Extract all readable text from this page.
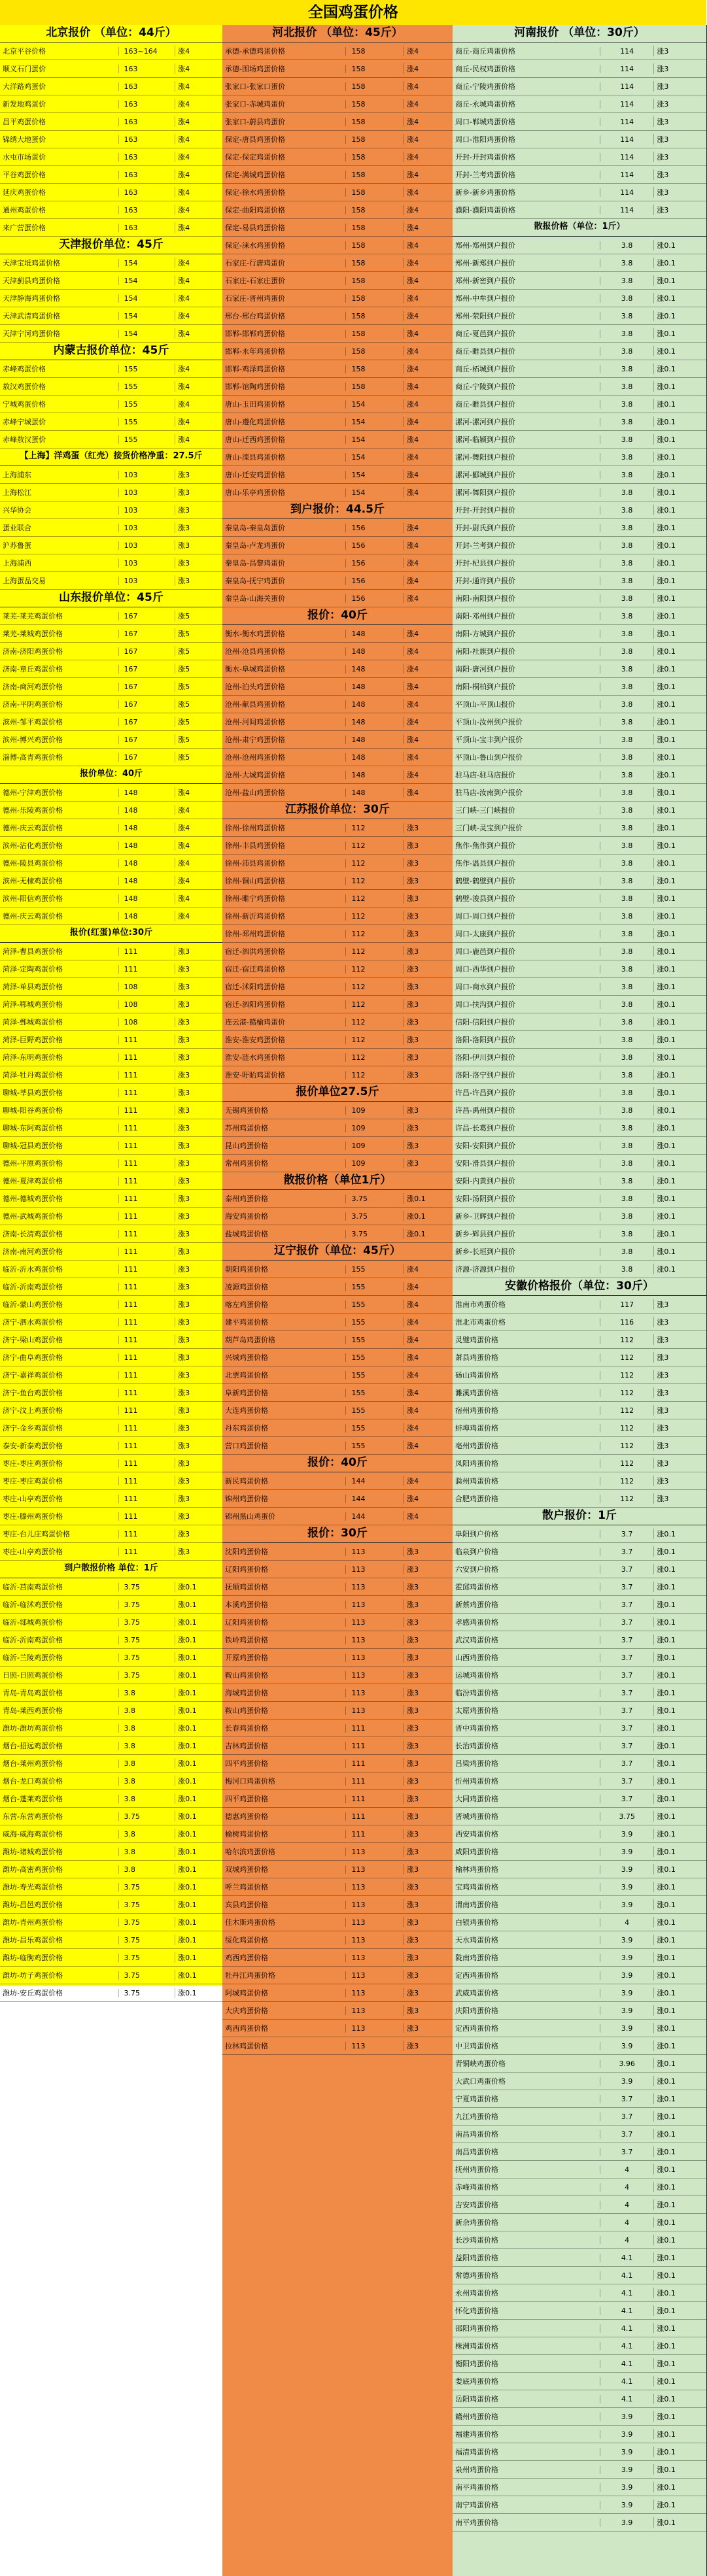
全国鸡蛋价格
北京报价 （单位：44斤）
北京平谷价格	163~164	涨4
顺义石门蛋价	163	涨4
大洋路鸡蛋价	163	涨4
新发地鸡蛋价	163	涨4
昌平鸡蛋价格	163	涨4
锦绣大地蛋价	163	涨4
水屯市场蛋价	163	涨4
平谷鸡蛋价格	163	涨4
延庆鸡蛋价格	163	涨4
通州鸡蛋价格	163	涨4
来广营蛋价格	163	涨4
天津报价单位：45斤
天津宝坻鸡蛋价格	154	涨4
天津蓟县鸡蛋价格	154	涨4
天津静海鸡蛋价格	154	涨4
天津武清鸡蛋价格	154	涨4
天津宁河鸡蛋价格	154	涨4
内蒙古报价单位：45斤
赤峰鸡蛋价格	155	涨4
敖汉鸡蛋价格	155	涨4
宁城鸡蛋价格	155	涨4
赤峰宁城蛋价	155	涨4
赤峰敖汉蛋价	155	涨4
【上海】洋鸡蛋（红壳）接货价格净重：27.5斤
上海浦东	103	涨3
上海松江	103	涨3
兴华协会	103	涨3
蛋业联合	103	涨3
沪苏鲁蛋	103	涨3
上海浦西	103	涨3
上海蛋品交易	103	涨3
山东报价单位：45斤
莱芜-莱芜鸡蛋价格	167	涨5
莱芜-莱城鸡蛋价格	167	涨5
济南-济阳鸡蛋价格	167	涨5
济南-章丘鸡蛋价格	167	涨5
济南-商河鸡蛋价格	167	涨5
济南-平阴鸡蛋价格	167	涨5
滨州-邹平鸡蛋价格	167	涨5
滨州-博兴鸡蛋价格	167	涨5
淄博-高青鸡蛋价格	167	涨5
报价单位：40斤
德州-宁津鸡蛋价格	148	涨4
德州-乐陵鸡蛋价格	148	涨4
德州-庆云鸡蛋价格	148	涨4
滨州-沾化鸡蛋价格	148	涨4
德州-陵县鸡蛋价格	148	涨4
滨州-无棣鸡蛋价格	148	涨4
滨州-阳信鸡蛋价格	148	涨4
德州-庆云鸡蛋价格	148	涨4
报价(红蛋)单位:30斤
菏泽-曹县鸡蛋价格	111	涨3
菏泽-定陶鸡蛋价格	111	涨3
菏泽-单县鸡蛋价格	108	涨3
菏泽-郓城鸡蛋价格	108	涨3
菏泽-鄄城鸡蛋价格	108	涨3
菏泽-巨野鸡蛋价格	111	涨3
菏泽-东明鸡蛋价格	111	涨3
菏泽-牡丹鸡蛋价格	111	涨3
聊城-莘县鸡蛋价格	111	涨3
聊城-阳谷鸡蛋价格	111	涨3
聊城-东阿鸡蛋价格	111	涨3
聊城-冠县鸡蛋价格	111	涨3
德州-平原鸡蛋价格	111	涨3
德州-夏津鸡蛋价格	111	涨3
德州-德城鸡蛋价格	111	涨3
德州-武城鸡蛋价格	111	涨3
济南-长清鸡蛋价格	111	涨3
济南-南河鸡蛋价格	111	涨3
临沂-沂水鸡蛋价格	111	涨3
临沂-沂南鸡蛋价格	111	涨3
临沂-蒙山鸡蛋价格	111	涨3
济宁-泗水鸡蛋价格	111	涨3
济宁-梁山鸡蛋价格	111	涨3
济宁-曲阜鸡蛋价格	111	涨3
济宁-嘉祥鸡蛋价格	111	涨3
济宁-鱼台鸡蛋价格	111	涨3
济宁-汶上鸡蛋价格	111	涨3
济宁-金乡鸡蛋价格	111	涨3
泰安-新泰鸡蛋价格	111	涨3
枣庄-枣庄鸡蛋价格	111	涨3
枣庄-枣庄鸡蛋价格	111	涨3
枣庄-山亭鸡蛋价格	111	涨3
枣庄-滕州鸡蛋价格	111	涨3
枣庄-台儿庄鸡蛋价格	111	涨3
枣庄-山亭鸡蛋价格	111	涨3
到户散报价格 单位：1斤
临沂-莒南鸡蛋价格	3.75	涨0.1
临沂-临沭鸡蛋价格	3.75	涨0.1
临沂-郯城鸡蛋价格	3.75	涨0.1
临沂-沂南鸡蛋价格	3.75	涨0.1
临沂-兰陵鸡蛋价格	3.75	涨0.1
日照-日照鸡蛋价格	3.75	涨0.1
青岛-青岛鸡蛋价格	3.8	涨0.1
青岛-莱西鸡蛋价格	3.8	涨0.1
潍坊-潍坊鸡蛋价格	3.8	涨0.1
烟台-招远鸡蛋价格	3.8	涨0.1
烟台-莱州鸡蛋价格	3.8	涨0.1
烟台-龙口鸡蛋价格	3.8	涨0.1
烟台-蓬莱鸡蛋价格	3.8	涨0.1
东营-东营鸡蛋价格	3.75	涨0.1
威海-威海鸡蛋价格	3.8	涨0.1
潍坊-诸城鸡蛋价格	3.8	涨0.1
潍坊-高密鸡蛋价格	3.8	涨0.1
潍坊-寿光鸡蛋价格	3.75	涨0.1
潍坊-昌邑鸡蛋价格	3.75	涨0.1
潍坊-青州鸡蛋价格	3.75	涨0.1
潍坊-昌乐鸡蛋价格	3.75	涨0.1
潍坊-临朐鸡蛋价格	3.75	涨0.1
潍坊-坊子鸡蛋价格	3.75	涨0.1
潍坊-安丘鸡蛋价格	3.75	涨0.1
河北报价 （单位：45斤）
承德-承德鸡蛋价格	158	涨4
承德-围场鸡蛋价格	158	涨4
张家口-张家口蛋价	158	涨4
张家口-赤城鸡蛋价	158	涨4
张家口-蔚县鸡蛋价	158	涨4
保定-唐县鸡蛋价格	158	涨4
保定-保定鸡蛋价格	158	涨4
保定-满城鸡蛋价格	158	涨4
保定-徐水鸡蛋价格	158	涨4
保定-曲阳鸡蛋价格	158	涨4
保定-易县鸡蛋价格	158	涨4
保定-涞水鸡蛋价格	158	涨4
石家庄-行唐鸡蛋价	158	涨4
石家庄-石家庄蛋价	158	涨4
石家庄-晋州鸡蛋价	158	涨4
邢台-邢台鸡蛋价格	158	涨4
邯郸-邯郸鸡蛋价格	158	涨4
邯郸-永年鸡蛋价格	158	涨4
邯郸-鸡泽鸡蛋价格	158	涨4
邯郸-馆陶鸡蛋价格	158	涨4
唐山-玉田鸡蛋价格	154	涨4
唐山-遵化鸡蛋价格	154	涨4
唐山-迁西鸡蛋价格	154	涨4
唐山-滦县鸡蛋价格	154	涨4
唐山-迁安鸡蛋价格	154	涨4
唐山-乐亭鸡蛋价格	154	涨4
到户报价：44.5斤
秦皇岛-秦皇岛蛋价	156	涨4
秦皇岛-卢龙鸡蛋价	156	涨4
秦皇岛-昌黎鸡蛋价	156	涨4
秦皇岛-抚宁鸡蛋价	156	涨4
秦皇岛-山海关蛋价	156	涨4
报价：40斤
衡水-衡水鸡蛋价格	148	涨4
沧州-沧县鸡蛋价格	148	涨4
衡水-阜城鸡蛋价格	148	涨4
沧州-泊头鸡蛋价格	148	涨4
沧州-献县鸡蛋价格	148	涨4
沧州-河间鸡蛋价格	148	涨4
沧州-肃宁鸡蛋价格	148	涨4
沧州-沧州鸡蛋价格	148	涨4
沧州-大城鸡蛋价格	148	涨4
沧州-盐山鸡蛋价格	148	涨4
江苏报价单位：30斤
徐州-徐州鸡蛋价格	112	涨3
徐州-丰县鸡蛋价格	112	涨3
徐州-沛县鸡蛋价格	112	涨3
徐州-铜山鸡蛋价格	112	涨3
徐州-睢宁鸡蛋价格	112	涨3
徐州-新沂鸡蛋价格	112	涨3
徐州-邳州鸡蛋价格	112	涨3
宿迁-泗洪鸡蛋价格	112	涨3
宿迁-宿迁鸡蛋价格	112	涨3
宿迁-沭阳鸡蛋价格	112	涨3
宿迁-泗阳鸡蛋价格	112	涨3
连云港-赣榆鸡蛋价	112	涨3
淮安-淮安鸡蛋价格	112	涨3
淮安-涟水鸡蛋价格	112	涨3
淮安-盱眙鸡蛋价格	112	涨3
报价单位27.5斤
无锡鸡蛋价格	109	涨3
苏州鸡蛋价格	109	涨3
昆山鸡蛋价格	109	涨3
常州鸡蛋价格	109	涨3
散报价格（单位1斤）
泰州鸡蛋价格	3.75	涨0.1
海安鸡蛋价格	3.75	涨0.1
盐城鸡蛋价格	3.75	涨0.1
辽宁报价（单位：45斤）
朝阳鸡蛋价格	155	涨4
凌源鸡蛋价格	155	涨4
喀左鸡蛋价格	155	涨4
建平鸡蛋价格	155	涨4
葫芦岛鸡蛋价格	155	涨4
兴城鸡蛋价格	155	涨4
北票鸡蛋价格	155	涨4
阜新鸡蛋价格	155	涨4
大连鸡蛋价格	155	涨4
丹东鸡蛋价格	155	涨4
营口鸡蛋价格	155	涨4
报价：40斤
新民鸡蛋价格	144	涨4
锦州鸡蛋价格	144	涨4
锦州黑山鸡蛋价	144	涨4
报价：30斤
沈阳鸡蛋价格	113	涨3
辽阳鸡蛋价格	113	涨3
抚顺鸡蛋价格	113	涨3
本溪鸡蛋价格	113	涨3
辽阳鸡蛋价格	113	涨3
铁岭鸡蛋价格	113	涨3
开原鸡蛋价格	113	涨3
鞍山鸡蛋价格	113	涨3
海城鸡蛋价格	113	涨3
鞍山鸡蛋价格	113	涨3
长春鸡蛋价格	111	涨3
吉林鸡蛋价格	111	涨3
四平鸡蛋价格	111	涨3
梅河口鸡蛋价格	111	涨3
四平鸡蛋价格	111	涨3
德惠鸡蛋价格	111	涨3
榆树鸡蛋价格	111	涨3
哈尔滨鸡蛋价格	113	涨3
双城鸡蛋价格	113	涨3
呼兰鸡蛋价格	113	涨3
宾县鸡蛋价格	113	涨3
佳木斯鸡蛋价格	113	涨3
绥化鸡蛋价格	113	涨3
鸡西鸡蛋价格	113	涨3
牡丹江鸡蛋价格	113	涨3
阿城鸡蛋价格	113	涨3
大庆鸡蛋价格	113	涨3
鸡西鸡蛋价格	113	涨3
拉林鸡蛋价格	113	涨3
河南报价 （单位：30斤）
商丘-商丘鸡蛋价格	114	涨3
商丘-民权鸡蛋价格	114	涨3
商丘-宁陵鸡蛋价格	114	涨3
商丘-永城鸡蛋价格	114	涨3
周口-郸城鸡蛋价格	114	涨3
周口-淮阳鸡蛋价格	114	涨3
开封-开封鸡蛋价格	114	涨3
开封-兰考鸡蛋价格	114	涨3
新乡-新乡鸡蛋价格	114	涨3
濮阳-濮阳鸡蛋价格	114	涨3
散报价格（单位：1斤）
郑州-郑州到户报价	3.8	涨0.1
郑州-新郑到户报价	3.8	涨0.1
郑州-新密到户报价	3.8	涨0.1
郑州-中牟到户报价	3.8	涨0.1
郑州-荥阳到户报价	3.8	涨0.1
商丘-夏邑到户报价	3.8	涨0.1
商丘-睢县到户报价	3.8	涨0.1
商丘-柘城到户报价	3.8	涨0.1
商丘-宁陵到户报价	3.8	涨0.1
商丘-睢县到户报价	3.8	涨0.1
漯河-漯河到户报价	3.8	涨0.1
漯河-临颍到户报价	3.8	涨0.1
漯河-舞阳到户报价	3.8	涨0.1
漯河-郾城到户报价	3.8	涨0.1
漯河-舞阳到户报价	3.8	涨0.1
开封-开封到户报价	3.8	涨0.1
开封-尉氏到户报价	3.8	涨0.1
开封-兰考到户报价	3.8	涨0.1
开封-杞县到户报价	3.8	涨0.1
开封-通许到户报价	3.8	涨0.1
南阳-南阳到户报价	3.8	涨0.1
南阳-邓州到户报价	3.8	涨0.1
南阳-方城到户报价	3.8	涨0.1
南阳-社旗到户报价	3.8	涨0.1
南阳-唐河到户报价	3.8	涨0.1
南阳-桐柏到户报价	3.8	涨0.1
平顶山-平顶山报价	3.8	涨0.1
平顶山-汝州到户报价	3.8	涨0.1
平顶山-宝丰到户报价	3.8	涨0.1
平顶山-鲁山到户报价	3.8	涨0.1
驻马店-驻马店报价	3.8	涨0.1
驻马店-汝南到户报价	3.8	涨0.1
三门峡-三门峡报价	3.8	涨0.1
三门峡-灵宝到户报价	3.8	涨0.1
焦作-焦作到户报价	3.8	涨0.1
焦作-温县到户报价	3.8	涨0.1
鹤壁-鹤壁到户报价	3.8	涨0.1
鹤壁-浚县到户报价	3.8	涨0.1
周口-周口到户报价	3.8	涨0.1
周口-太康到户报价	3.8	涨0.1
周口-鹿邑到户报价	3.8	涨0.1
周口-西华到户报价	3.8	涨0.1
周口-商水到户报价	3.8	涨0.1
周口-扶沟到户报价	3.8	涨0.1
信阳-信阳到户报价	3.8	涨0.1
洛阳-洛阳到户报价	3.8	涨0.1
洛阳-伊川到户报价	3.8	涨0.1
洛阳-洛宁到户报价	3.8	涨0.1
许昌-许昌到户报价	3.8	涨0.1
许昌-禹州到户报价	3.8	涨0.1
许昌-长葛到户报价	3.8	涨0.1
安阳-安阳到户报价	3.8	涨0.1
安阳-滑县到户报价	3.8	涨0.1
安阳-内黄到户报价	3.8	涨0.1
安阳-汤阴到户报价	3.8	涨0.1
新乡-卫辉到户报价	3.8	涨0.1
新乡-辉县到户报价	3.8	涨0.1
新乡-长垣到户报价	3.8	涨0.1
济源-济源到户报价	3.8	涨0.1
安徽价格报价（单位：30斤）
淮南市鸡蛋价格	117	涨3
淮北市鸡蛋价格	116	涨3
灵璧鸡蛋价格	112	涨3
萧县鸡蛋价格	112	涨3
砀山鸡蛋价格	112	涨3
濉溪鸡蛋价格	112	涨3
宿州鸡蛋价格	112	涨3
蚌埠鸡蛋价格	112	涨3
亳州鸡蛋价格	112	涨3
凤阳鸡蛋价格	112	涨3
滁州鸡蛋价格	112	涨3
合肥鸡蛋价格	112	涨3
散户报价：1斤
阜阳到户价格	3.7	涨0.1
临泉到户价格	3.7	涨0.1
六安到户价格	3.7	涨0.1
霍邱鸡蛋价格	3.7	涨0.1
新蔡鸡蛋价格	3.7	涨0.1
孝感鸡蛋价格	3.7	涨0.1
武汉鸡蛋价格	3.7	涨0.1
山西鸡蛋价格	3.7	涨0.1
运城鸡蛋价格	3.7	涨0.1
临汾鸡蛋价格	3.7	涨0.1
太原鸡蛋价格	3.7	涨0.1
晋中鸡蛋价格	3.7	涨0.1
长治鸡蛋价格	3.7	涨0.1
吕梁鸡蛋价格	3.7	涨0.1
忻州鸡蛋价格	3.7	涨0.1
大同鸡蛋价格	3.7	涨0.1
晋城鸡蛋价格	3.75	涨0.1
西安鸡蛋价格	3.9	涨0.1
咸阳鸡蛋价格	3.9	涨0.1
榆林鸡蛋价格	3.9	涨0.1
宝鸡鸡蛋价格	3.9	涨0.1
渭南鸡蛋价格	3.9	涨0.1
白银鸡蛋价格	4	涨0.1
天水鸡蛋价格	3.9	涨0.1
陇南鸡蛋价格	3.9	涨0.1
定西鸡蛋价格	3.9	涨0.1
武威鸡蛋价格	3.9	涨0.1
庆阳鸡蛋价格	3.9	涨0.1
定西鸡蛋价格	3.9	涨0.1
中卫鸡蛋价格	3.9	涨0.1
青铜峡鸡蛋价格	3.96	涨0.1
大武口鸡蛋价格	3.9	涨0.1
宁夏鸡蛋价格	3.7	涨0.1
九江鸡蛋价格	3.7	涨0.1
南昌鸡蛋价格	3.7	涨0.1
南昌鸡蛋价格	3.7	涨0.1
抚州鸡蛋价格	4	涨0.1
赤峰鸡蛋价格	4	涨0.1
吉安鸡蛋价格	4	涨0.1
新余鸡蛋价格	4	涨0.1
长沙鸡蛋价格	4	涨0.1
益阳鸡蛋价格	4.1	涨0.1
常德鸡蛋价格	4.1	涨0.1
永州鸡蛋价格	4.1	涨0.1
怀化鸡蛋价格	4.1	涨0.1
邵阳鸡蛋价格	4.1	涨0.1
株洲鸡蛋价格	4.1	涨0.1
衡阳鸡蛋价格	4.1	涨0.1
娄底鸡蛋价格	4.1	涨0.1
岳阳鸡蛋价格	4.1	涨0.1
赣州鸡蛋价格	3.9	涨0.1
福建鸡蛋价格	3.9	涨0.1
福清鸡蛋价格	3.9	涨0.1
泉州鸡蛋价格	3.9	涨0.1
南平鸡蛋价格	3.9	涨0.1
南宁鸡蛋价格	3.9	涨0.1
南平鸡蛋价格	3.9	涨0.1
